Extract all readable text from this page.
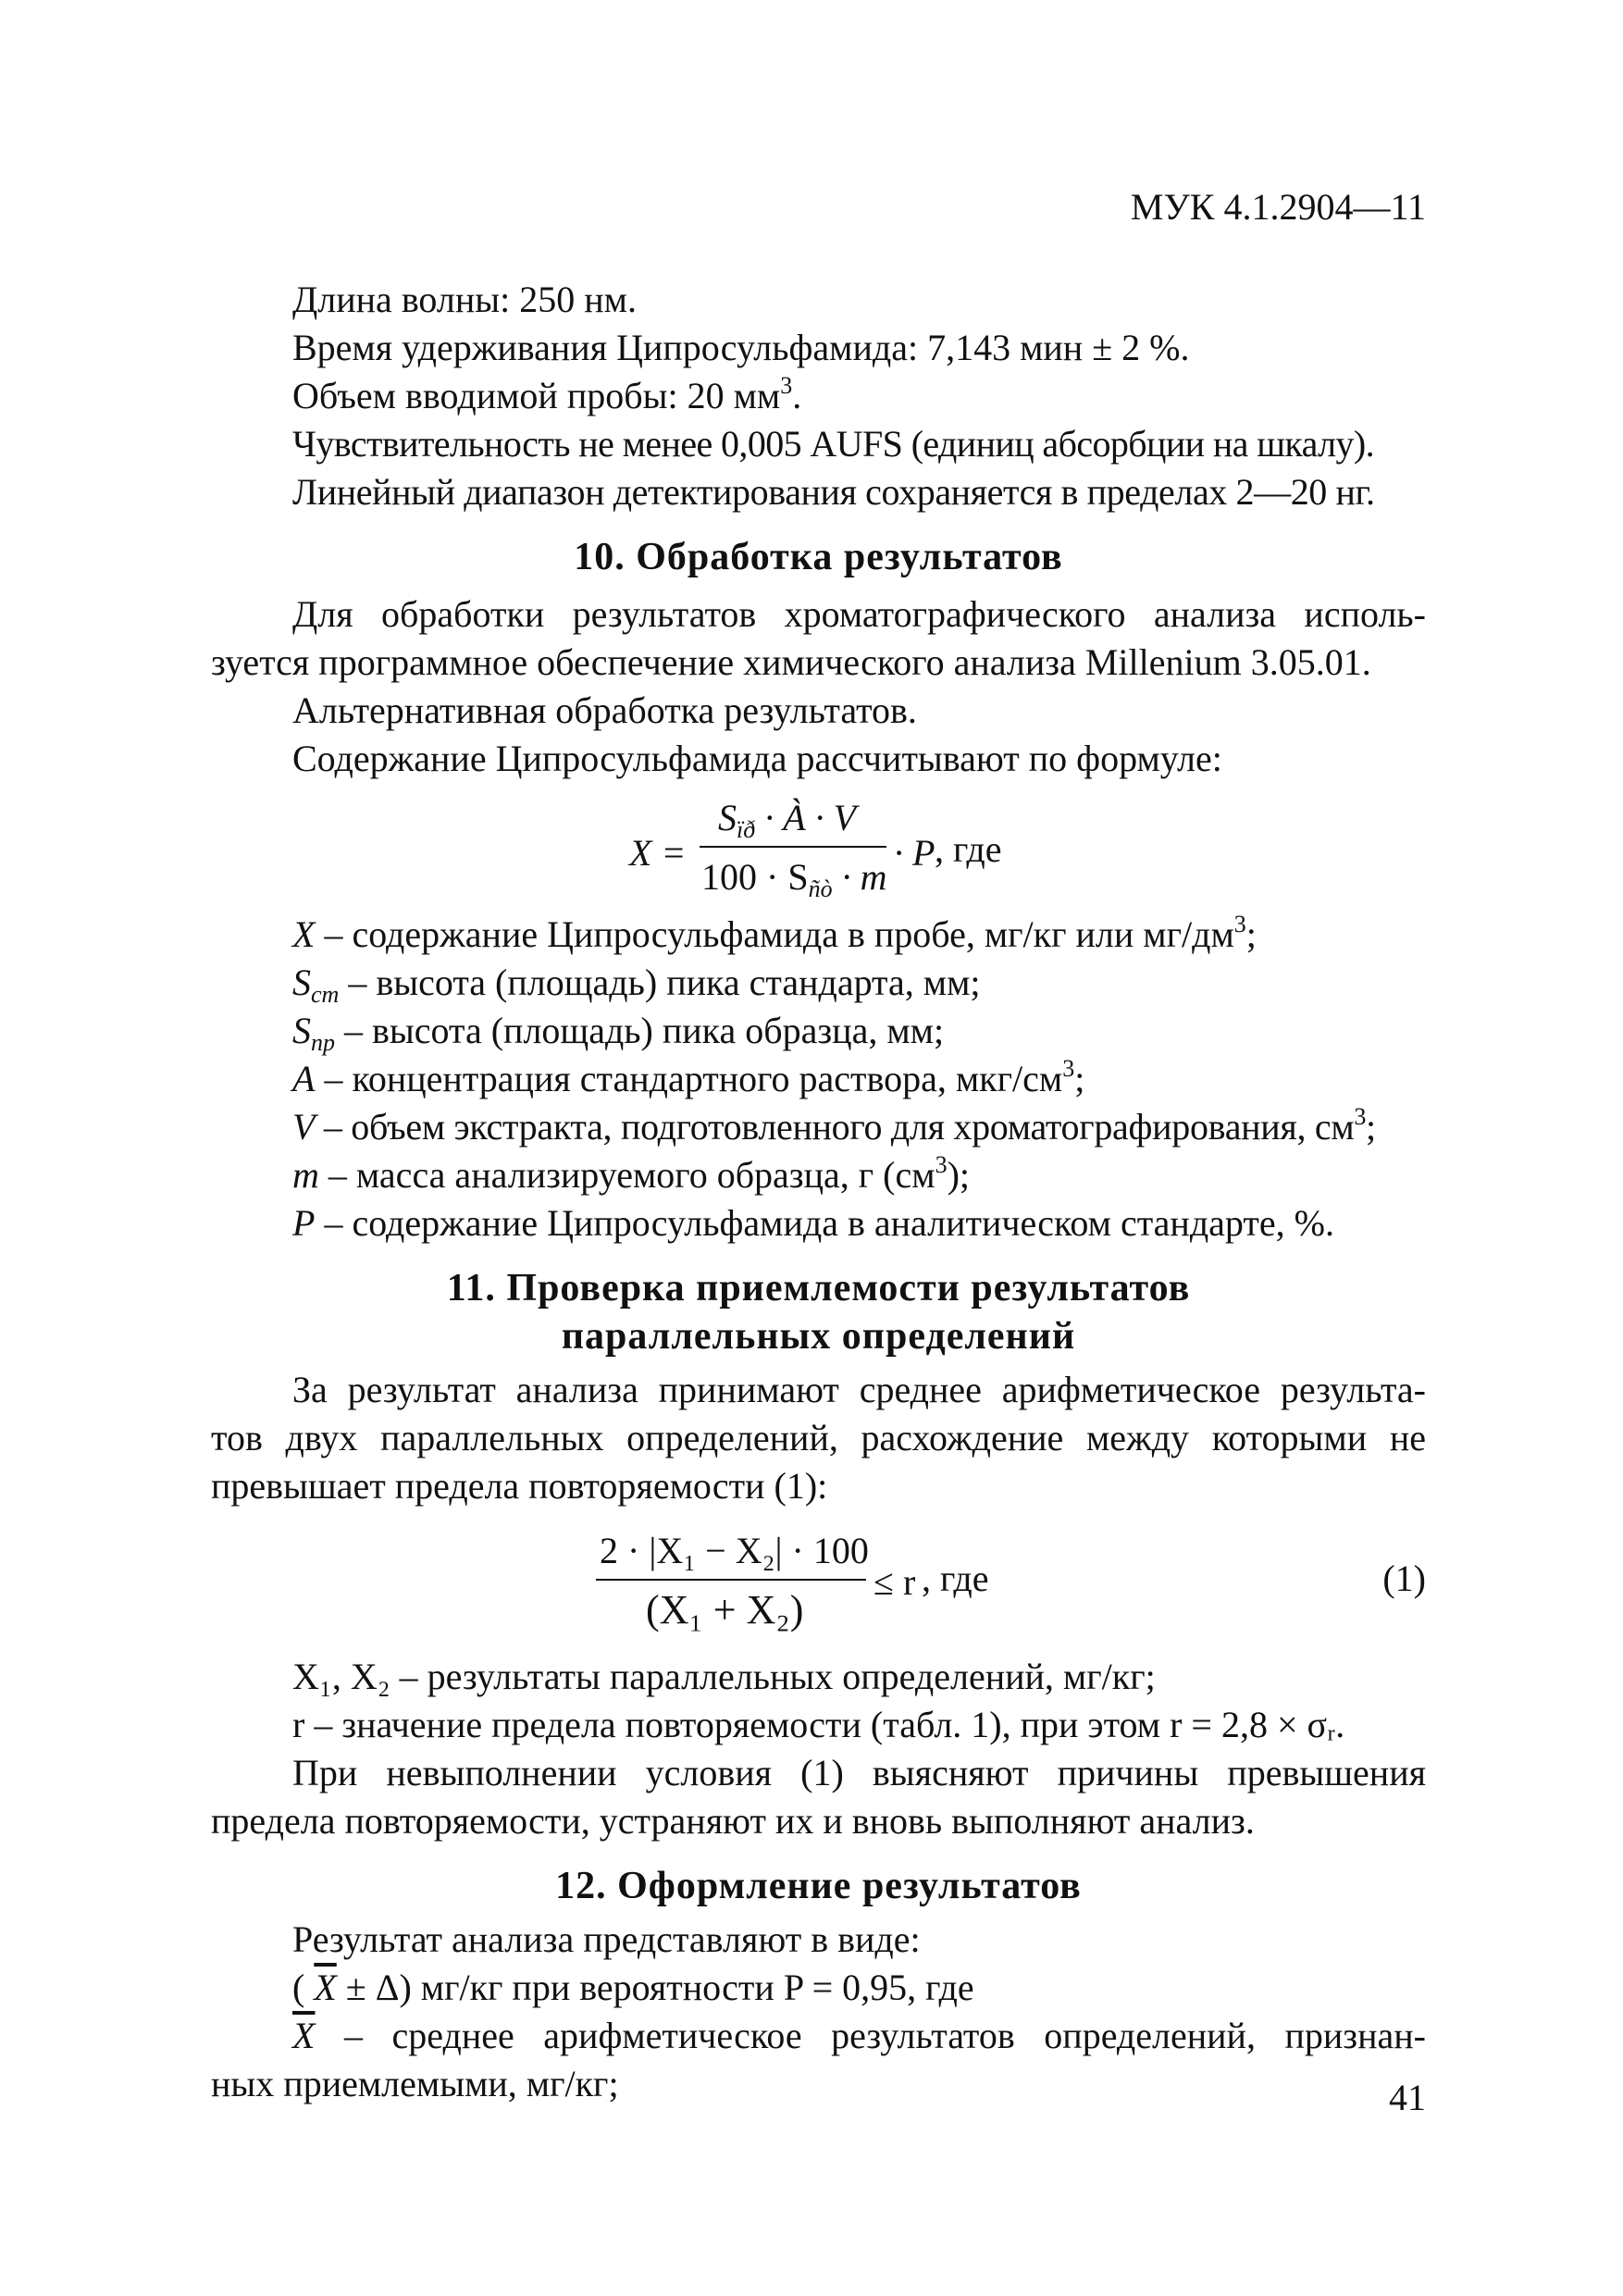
МУК 4.1.2904—11
Длина волны: 250 нм.
Время удерживания Ципросульфамида: 7,143 мин ± 2 %.
Объем вводимой пробы: 20 $мм^3$.
Чувствительность не менее 0,005 AUFS (единиц абсорбции на шкалу).
Линейный диапазон детектирования сохраняется в пределах 2—20 нг.
10. Обработка результатов
Для обработки результатов хроматографического анализа исполь-
зуется программное обеспечение химического анализа Millenium 3.05.01.
Альтернативная обработка результатов.
Содержание Ципросульфамида рассчитывают по формуле:
X =
$S_{ïð}$ · À · V
$100 \cdot S_{ñò} \cdot m$
· P , где
X – содержание Ципросульфамида в пробе, мг/кг или $мг/дм^3$;
$S_{ст}$ – высота (площадь) пика стандарта, мм;
$S_{пр}$ – высота (площадь) пика образца, мм;
А – концентрация стандартного раствора, мкг/$см^3$;
V – объем экстракта, подготовленного для хроматографирования, $см^3$;
m – масса анализируемого образца, г $(см^3)$;
P – содержание Ципросульфамида в аналитическом стандарте, %.
11. Проверка приемлемости результатов
параллельных определений
За результат анализа принимают среднее арифметическое результа-
тов двух параллельных определений, расхождение между которыми не
превышает предела повторяемости (1):
2 · |X₁ − X₂| · 100
(X₁ + X₂)
≤ r , где	(1)
X₁, X₂ – результаты параллельных определений, мг/кг;
r – значение предела повторяемости (табл. 1), при этом r = 2,8 × σᵣ.
При невыполнении условия (1) выясняют причины превышения
предела повторяемости, устраняют их и вновь выполняют анализ.
12. Оформление результатов
Результат анализа представляют в виде:
( $\overline{X} \pm \Delta$) мг/кг при вероятности P = 0,95, где
$\overline{X}$ – среднее арифметическое результатов определений, признан-
ных приемлемыми, мг/кг;	41
